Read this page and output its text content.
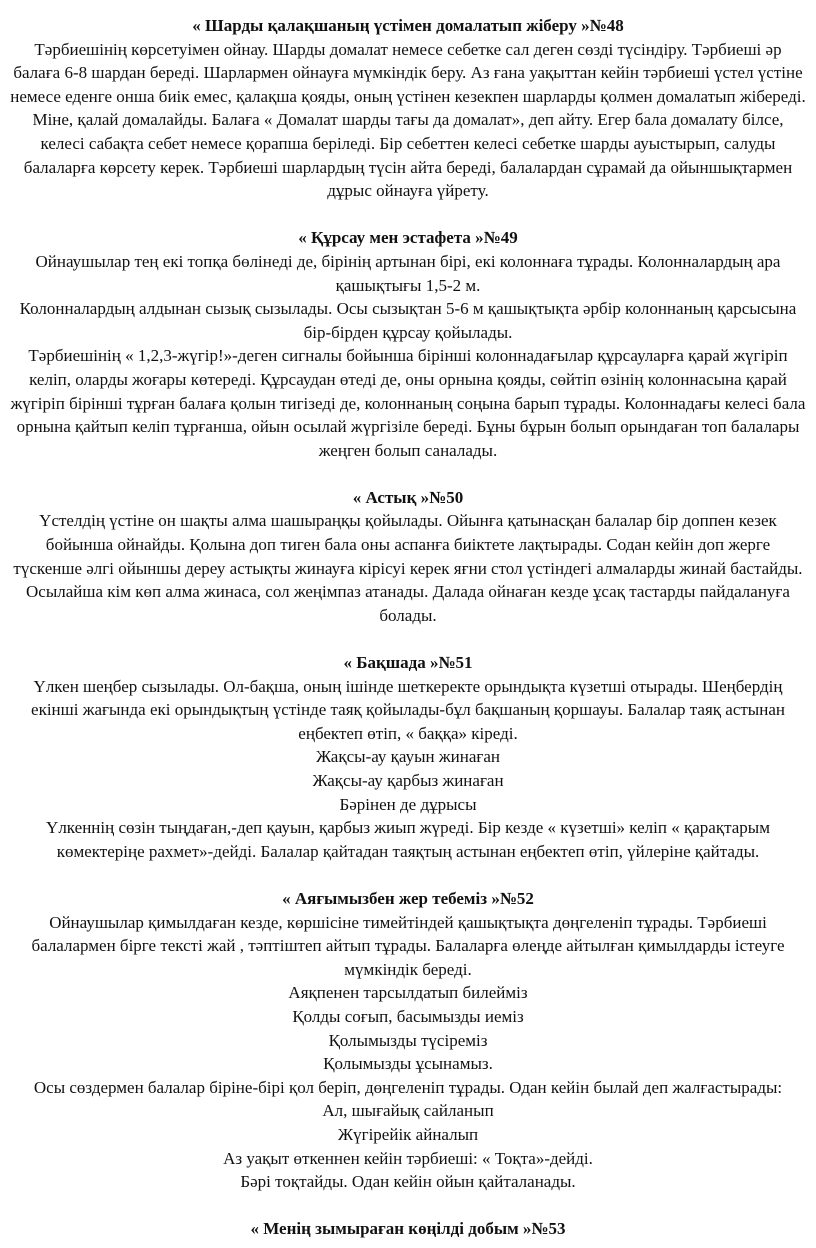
« Шарды қалақшаның үстімен домалатып жіберу »№48

Тәрбиешінің көрсетуімен ойнау. Шарды домалат немесе себетке сал деген сөзді түсіндіру. Тәрбиеші әр балаға 6-8 шардан береді. Шарлармен ойнауға мүмкіндік беру. Аз ғана уақыттан кейін тәрбиеші үстел үстіне немесе еденге онша биік емес, қалақша қояды, оның үстінен кезекпен шарларды қолмен домалатып жібереді. Міне, қалай домалайды. Балаға « Домалат шарды тағы да домалат», деп айту. Егер бала домалату білсе, келесі сабақта себет немесе қорапша беріледі. Бір себеттен келесі себетке шарды ауыстырып, салуды балаларға көрсету керек. Тәрбиеші шарлардың түсін айта береді, балалардан сұрамай да ойыншықтармен дұрыс ойнауға үйрету.

« Құрсау мен эстафета »№49

Ойнаушылар тең екі топқа бөлінеді де, бірінің артынан бірі, екі колоннаға тұрады. Колонналардың ара қашықтығы 1,5-2 м.

Колонналардың алдынан сызық сызылады. Осы сызықтан 5-6 м қашықтықта әрбір колоннаның қарсысына бір-бірден құрсау қойылады.

Тәрбиешінің « 1,2,3-жүгір!»-деген сигналы бойынша бірінші колоннадағылар құрсауларға қарай жүгіріп келіп, оларды жоғары көтереді. Құрсаудан өтеді де, оны орнына қояды, сөйтіп өзінің колоннасына қарай жүгіріп бірінші тұрған балаға қолын тигізеді де, колоннаның соңына барып тұрады. Колоннадағы келесі бала орнына қайтып келіп тұрғанша, ойын осылай жүргізіле береді. Бұны бұрын болып орындаған топ балалары жеңген болып саналады.

« Астық »№50

Үстелдің үстіне он шақты алма шашыраңқы қойылады. Ойынға қатынасқан балалар бір доппен кезек бойынша ойнайды. Қолына доп тиген бала оны аспанға биіктете лақтырады. Содан кейін доп жерге түскенше әлгі ойыншы дереу астықты жинауға кірісуі керек яғни стол үстіндегі алмаларды жинай бастайды. Осылайша кім көп алма жинаса, сол жеңімпаз атанады. Далада ойнаған кезде ұсақ тастарды пайдалануға болады.

« Бақшада »№51

Үлкен шеңбер сызылады. Ол-бақша, оның ішінде шеткеректе орындықта күзетші отырады. Шеңбердің екінші жағында екі орындықтың үстінде таяқ қойылады-бұл бақшаның қоршауы. Балалар таяқ астынан еңбектеп өтіп, « баққа» кіреді.

Жақсы-ау қауын жинаған

Жақсы-ау қарбыз жинаған

Бәрінен де дұрысы

Үлкеннің сөзін тыңдаған,-деп қауын, қарбыз жиып жүреді. Бір кезде « күзетші» келіп « қарақтарым көмектеріңе рахмет»-дейді. Балалар қайтадан таяқтың астынан еңбектеп өтіп, үйлеріне қайтады.

« Аяғымызбен жер тебеміз »№52

Ойнаушылар қимылдаған кезде, көршісіне тимейтіндей қашықтықта дөңгеленіп тұрады. Тәрбиеші балалармен бірге тексті жай , тәптіштеп айтып тұрады. Балаларға өлеңде айтылған қимылдарды істеуге мүмкіндік береді.

Аяқпенен тарсылдатып билейміз

Қолды соғып, басымызды иеміз

Қолымызды түсіреміз

Қолымызды ұсынамыз.

Осы сөздермен балалар біріне-бірі қол беріп, дөңгеленіп тұрады. Одан кейін былай деп жалғастырады:

Ал, шығайық сайланып

Жүгірейік айналып

Аз уақыт өткеннен кейін тәрбиеші: « Тоқта»-дейді.

Бәрі тоқтайды. Одан кейін ойын қайталанады.

« Менің зымыраған көңілді добым »№53
